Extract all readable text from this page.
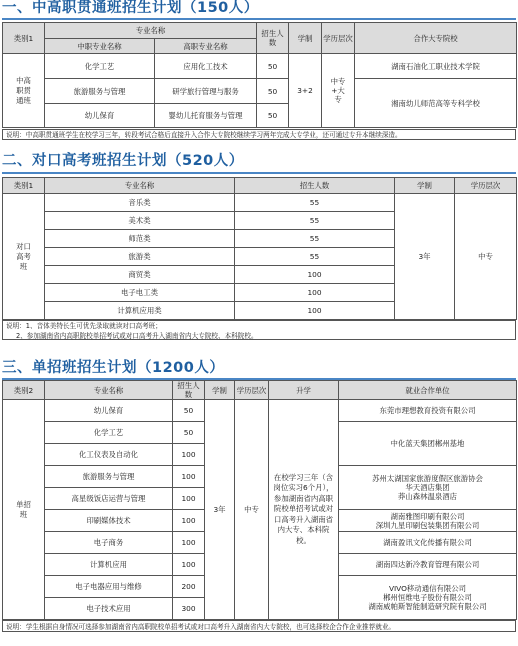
一、中高职贯通班招生计划（150人）
类别1	专业名称		招生人数	学制	学历层次	合作大专院校
	中职专业名称	高职专业名称				
中高职贯通班	化学工艺	应用化工技术	50	3+2	中专+大专	湖南石油化工职业技术学院
	旅游服务与管理	研学旅行管理与服务	50			湘南幼儿师范高等专科学校
	幼儿保育	婴幼儿托育服务与管理	50			
说明：中高职贯通班学生在校学习三年，转段考试合格后直接升入合作大专院校继续学习两年完成大专学业，还可通过专升本继续深造。
二、对口高考班招生计划（520人）
类别1	专业名称	招生人数	学制	学历层次
对口高考班	音乐类	55	3年	中专
	美术类	55		
	师范类	55		
	旅游类	55		
	商贸类	100		
	电子电工类	100		
	计算机应用类	100		
说明：1、音体美特长生可优先录取就读对口高考班；
2、参加湖南省内高职院校单招考试或对口高考升入湖南省内大专院校、本科院校。
三、单招班招生计划（1200人）
类别2	专业名称	招生人数	学制	学历层次	升学	就业合作单位
单招班	幼儿保育	50	3年	中专	在校学习三年（含岗位实习6个月），参加湖南省内高职院校单招考试或对口高考升入湖南省内大专、本科院校。	东莞市理想教育投资有限公司
	化学工艺	50				中化蓝天集团郴州基地
	化工仪表及自动化	100				
	旅游服务与管理	100				苏州太湖国家旅游度假区旅游协会
华天酒店集团
莽山森林温泉酒店

	高星级饭店运营与管理	100				
	印刷媒体技术	100				湖南雅图印刷有限公司
深圳九星印刷包装集团有限公司

	电子商务	100				湖南盈讯文化传播有限公司
	计算机应用	100				湖南四达新冷教育管理有限公司
	电子电器应用与维修	200				VIVO移动通信有限公司
郴州恒维电子股份有限公司
湖南威帕斯智能制造研究院有限公司

	电子技术应用	300				
说明：学生根据自身情况可选择参加湖南省内高职院校单招考试或对口高考升入湖南省内大专院校，也可选择校企合作企业推荐就业。
